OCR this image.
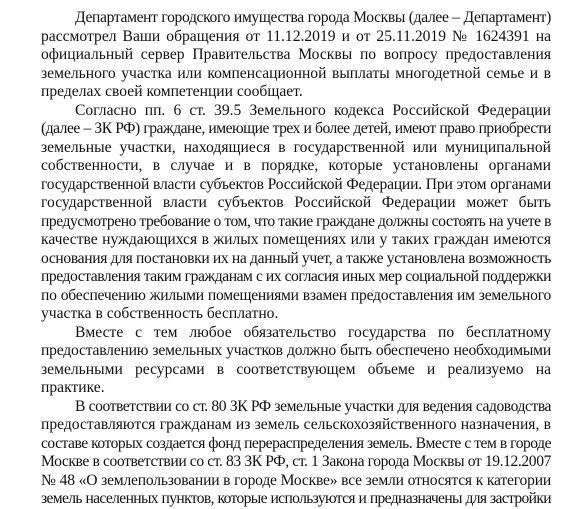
Департамент городского имущества города Москвы (далее – Департамент)
рассмотрел Ваши обращения от 11.12.2019 и от 25.11.2019 № 1624391 на
официальный сервер Правительства Москвы по вопросу предоставления
земельного участка или компенсационной выплаты многодетной семье и в
пределах своей компетенции сообщает.
Согласно пп. 6 ст. 39.5 Земельного кодекса Российской Федерации
(далее – ЗК РФ) граждане, имеющие трех и более детей, имеют право приобрести
земельные участки, находящиеся в государственной или муниципальной
собственности, в случае и в порядке, которые установлены органами
государственной власти субъектов Российской Федерации. При этом органами
государственной власти субъектов Российской Федерации может быть
предусмотрено требование о том, что такие граждане должны состоять на учете в
качестве нуждающихся в жилых помещениях или у таких граждан имеются
основания для постановки их на данный учет, а также установлена возможность
предоставления таким гражданам с их согласия иных мер социальной поддержки
по обеспечению жилыми помещениями взамен предоставления им земельного
участка в собственность бесплатно.
Вместе с тем любое обязательство государства по бесплатному
предоставлению земельных участков должно быть обеспечено необходимыми
земельными ресурсами в соответствующем объеме и реализуемо на
практике.
В соответствии со ст. 80 ЗК РФ земельные участки для ведения садоводства
предоставляются гражданам из земель сельскохозяйственного назначения, в
составе которых создается фонд перераспределения земель. Вместе с тем в городе
Москве в соответствии со ст. 83 ЗК РФ, ст. 1 Закона города Москвы от 19.12.2007
№ 48 «О землепользовании в городе Москве» все земли относятся к категории
земель населенных пунктов, которые используются и предназначены для застройки
